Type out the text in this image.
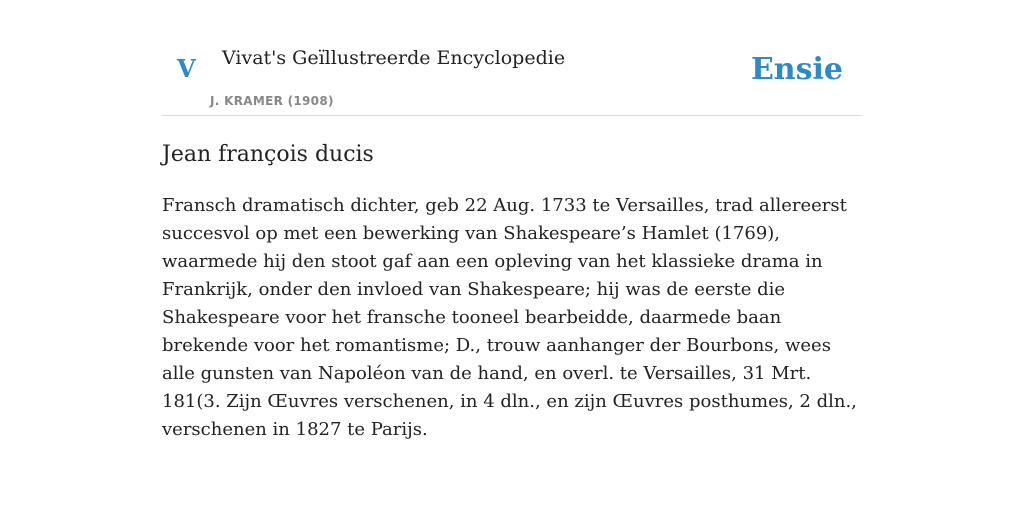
V Vivat's Geïllustreerde Encyclopedie
J. KRAMER (1908)
Ensie
Jean françois ducis

Fransch dramatisch dichter, geb 22 Aug. 1733 te Versailles, trad allereerst succesvol op met een bewerking van Shakespeare’s Hamlet (1769), waarmede hij den stoot gaf aan een opleving van het klassieke drama in Frankrijk, onder den invloed van Shakespeare; hij was de eerste die Shakespeare voor het fransche tooneel bearbeidde, daarmede baan brekende voor het romantisme; D., trouw aanhanger der Bourbons, wees alle gunsten van Napoléon van de hand, en overl. te Versailles, 31 Mrt. 181(3. Zijn Œuvres verschenen, in 4 dln., en zijn Œuvres posthumes, 2 dln., verschenen in 1827 te Parijs.
